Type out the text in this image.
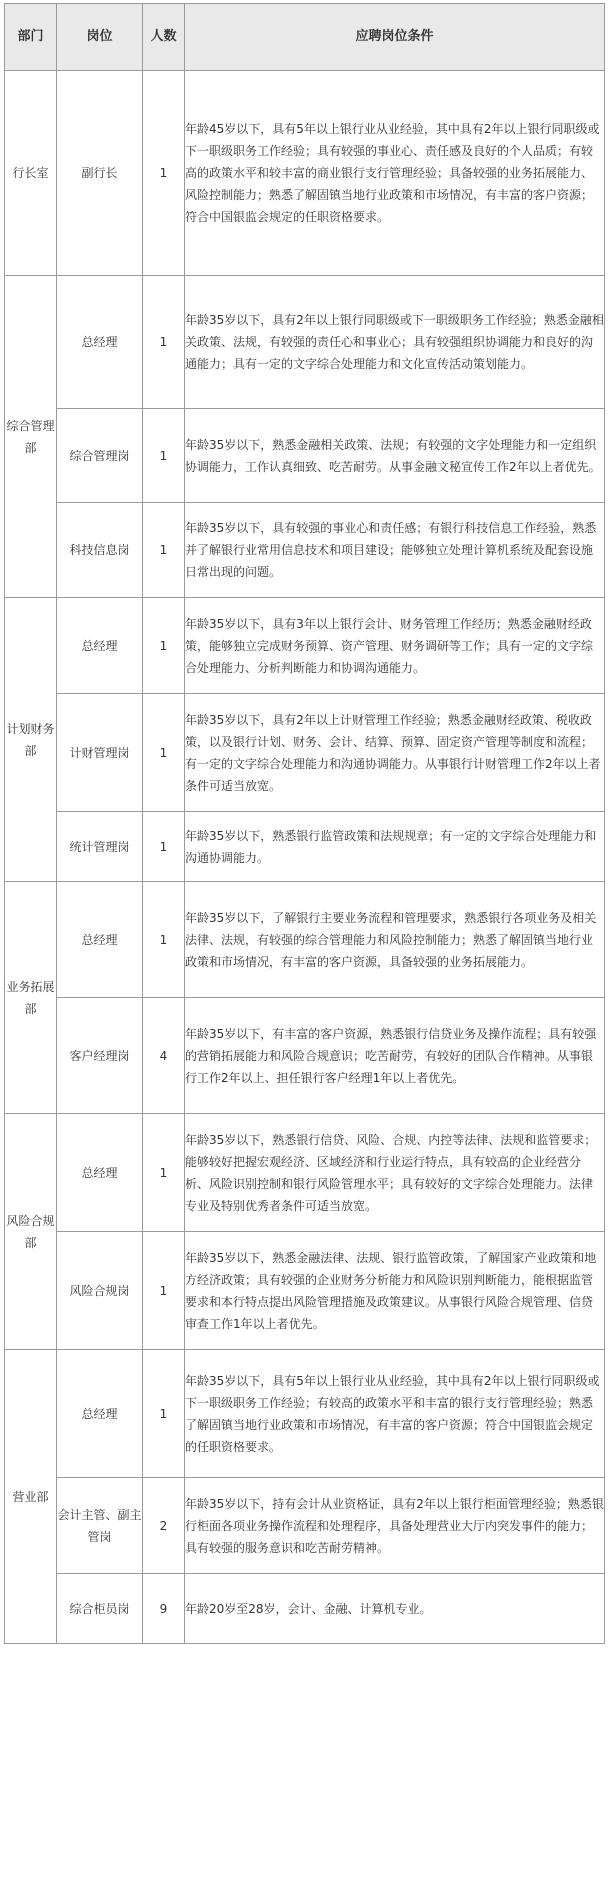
部门	岗位	人数	应聘岗位条件
行长室	副行长	1	年龄45岁以下，具有5年以上银行业从业经验，其中具有2年以上银行同职级或下一职级职务工作经验；具有较强的事业心、责任感及良好的个人品质；有较高的政策水平和较丰富的商业银行支行管理经验；具备较强的业务拓展能力、风险控制能力；熟悉了解固镇当地行业政策和市场情况，有丰富的客户资源；符合中国银监会规定的任职资格要求。
综合管理部	总经理	1	年龄35岁以下，具有2年以上银行同职级或下一职级职务工作经验；熟悉金融相关政策、法规，有较强的责任心和事业心；具有较强组织协调能力和良好的沟通能力；具有一定的文字综合处理能力和文化宣传活动策划能力。
	综合管理岗	1	年龄35岁以下，熟悉金融相关政策、法规；有较强的文字处理能力和一定组织协调能力，工作认真细致、吃苦耐劳。从事金融文秘宣传工作2年以上者优先。
	科技信息岗	1	年龄35岁以下，具有较强的事业心和责任感；有银行科技信息工作经验，熟悉并了解银行业常用信息技术和项目建设；能够独立处理计算机系统及配套设施日常出现的问题。
计划财务部	总经理	1	年龄35岁以下，具有3年以上银行会计、财务管理工作经历；熟悉金融财经政策，能够独立完成财务预算、资产管理、财务调研等工作；具有一定的文字综合处理能力、分析判断能力和协调沟通能力。
	计财管理岗	1	年龄35岁以下，具有2年以上计财管理工作经验；熟悉金融财经政策、税收政策，以及银行计划、财务、会计、结算、预算、固定资产管理等制度和流程；有一定的文字综合处理能力和沟通协调能力。从事银行计财管理工作2年以上者条件可适当放宽。
	统计管理岗	1	年龄35岁以下，熟悉银行监管政策和法规规章；有一定的文字综合处理能力和沟通协调能力。
业务拓展部	总经理	1	年龄35岁以下，了解银行主要业务流程和管理要求，熟悉银行各项业务及相关法律、法规，有较强的综合管理能力和风险控制能力；熟悉了解固镇当地行业政策和市场情况，有丰富的客户资源，具备较强的业务拓展能力。
	客户经理岗	4	年龄35岁以下，有丰富的客户资源，熟悉银行信贷业务及操作流程；具有较强的营销拓展能力和风险合规意识；吃苦耐劳，有较好的团队合作精神。从事银行工作2年以上、担任银行客户经理1年以上者优先。
风险合规部	总经理	1	年龄35岁以下，熟悉银行信贷、风险、合规、内控等法律、法规和监管要求；能够较好把握宏观经济、区域经济和行业运行特点，具有较高的企业经营分析、风险识别控制和银行风险管理水平；具有较好的文字综合处理能力。法律专业及特别优秀者条件可适当放宽。
	风险合规岗	1	年龄35岁以下，熟悉金融法律、法规、银行监管政策，了解国家产业政策和地方经济政策；具有较强的企业财务分析能力和风险识别判断能力，能根据监管要求和本行特点提出风险管理措施及政策建议。从事银行风险合规管理、信贷审查工作1年以上者优先。
营业部	总经理	1	年龄35岁以下，具有5年以上银行业从业经验，其中具有2年以上银行同职级或下一职级职务工作经验；有较高的政策水平和丰富的银行支行管理经验；熟悉了解固镇当地行业政策和市场情况，有丰富的客户资源；符合中国银监会规定的任职资格要求。
	会计主管、副主管岗	2	年龄35岁以下，持有会计从业资格证，具有2年以上银行柜面管理经验；熟悉银行柜面各项业务操作流程和处理程序，具备处理营业大厅内突发事件的能力；具有较强的服务意识和吃苦耐劳精神。
	综合柜员岗	9	年龄20岁至28岁，会计、金融、计算机专业。
